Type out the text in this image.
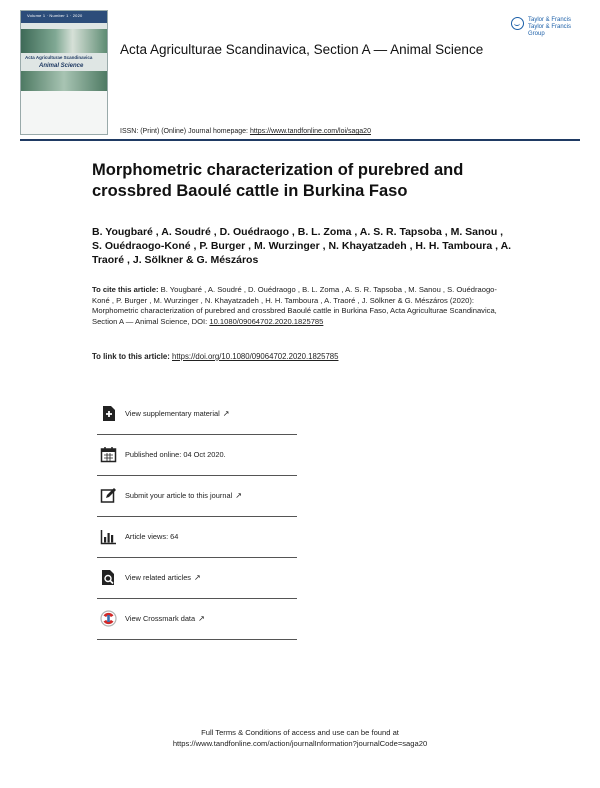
Volume 1 · Number 1 · 2020
Acta Agriculturae Scandinavica
Animal Science
Acta Agriculturae Scandinavica, Section A — Animal Science
Taylor & Francis
Taylor & Francis Group
ISSN: (Print) (Online) Journal homepage: https://www.tandfonline.com/loi/saga20
Morphometric characterization of purebred and crossbred Baoulé cattle in Burkina Faso
B. Yougbaré , A. Soudré , D. Ouédraogo , B. L. Zoma , A. S. R. Tapsoba , M. Sanou , S. Ouédraogo-Koné , P. Burger , M. Wurzinger , N. Khayatzadeh , H. H. Tamboura , A. Traoré , J. Sölkner & G. Mészáros
To cite this article: B. Yougbaré , A. Soudré , D. Ouédraogo , B. L. Zoma , A. S. R. Tapsoba , M. Sanou , S. Ouédraogo-Koné , P. Burger , M. Wurzinger , N. Khayatzadeh , H. H. Tamboura , A. Traoré , J. Sölkner & G. Mészáros (2020): Morphometric characterization of purebred and crossbred Baoulé cattle in Burkina Faso, Acta Agriculturae Scandinavica, Section A — Animal Science, DOI: 10.1080/09064702.2020.1825785
To link to this article: https://doi.org/10.1080/09064702.2020.1825785
View supplementary material ↗
Published online: 04 Oct 2020.
Submit your article to this journal ↗
Article views: 64
View related articles ↗
View Crossmark data ↗
Full Terms & Conditions of access and use can be found at
https://www.tandfonline.com/action/journalInformation?journalCode=saga20
